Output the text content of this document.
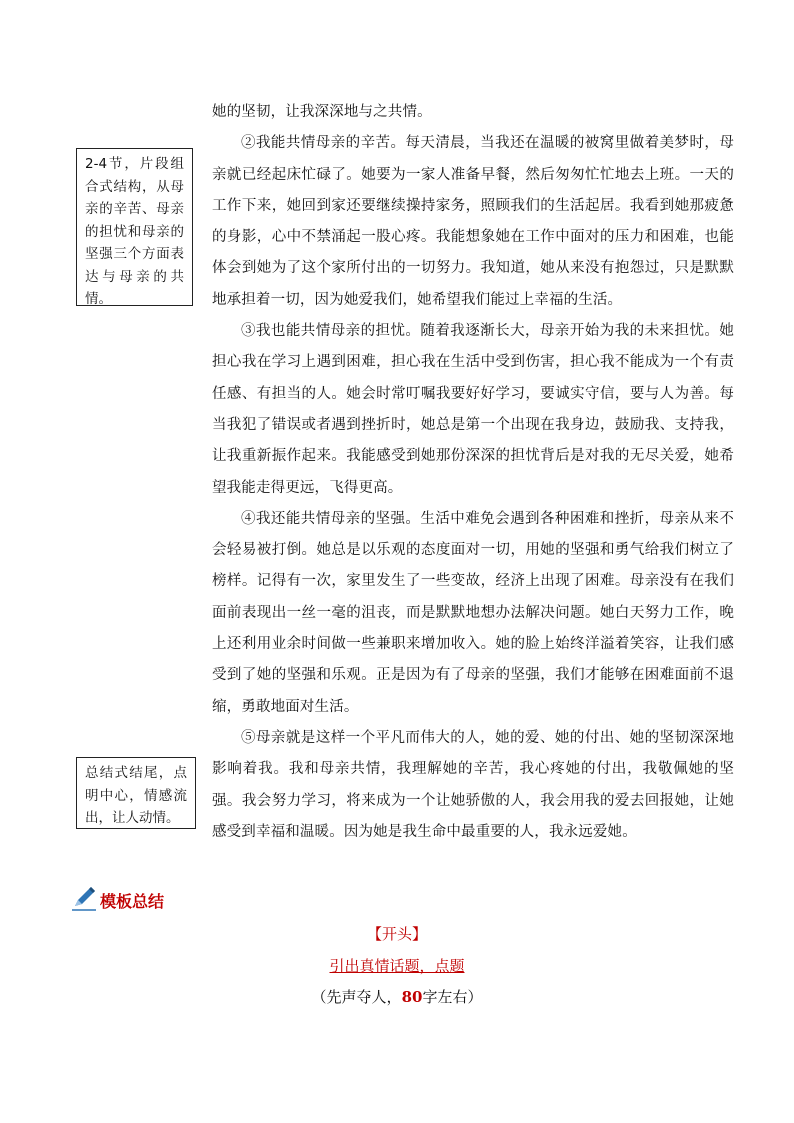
她的坚韧，让我深深地与之共情。

②我能共情母亲的辛苦。每天清晨，当我还在温暖的被窝里做着美梦时，母亲就已经起床忙碌了。她要为一家人准备早餐，然后匆匆忙忙地去上班。一天的工作下来，她回到家还要继续操持家务，照顾我们的生活起居。我看到她那疲惫的身影，心中不禁涌起一股心疼。我能想象她在工作中面对的压力和困难，也能体会到她为了这个家所付出的一切努力。我知道，她从来没有抱怨过，只是默默地承担着一切，因为她爱我们，她希望我们能过上幸福的生活。

③我也能共情母亲的担忧。随着我逐渐长大，母亲开始为我的未来担忧。她担心我在学习上遇到困难，担心我在生活中受到伤害，担心我不能成为一个有责任感、有担当的人。她会时常叮嘱我要好好学习，要诚实守信，要与人为善。每当我犯了错误或者遇到挫折时，她总是第一个出现在我身边，鼓励我、支持我，让我重新振作起来。我能感受到她那份深深的担忧背后是对我的无尽关爱，她希望我能走得更远，飞得更高。

④我还能共情母亲的坚强。生活中难免会遇到各种困难和挫折，母亲从来不会轻易被打倒。她总是以乐观的态度面对一切，用她的坚强和勇气给我们树立了榜样。记得有一次，家里发生了一些变故，经济上出现了困难。母亲没有在我们面前表现出一丝一毫的沮丧，而是默默地想办法解决问题。她白天努力工作，晚上还利用业余时间做一些兼职来增加收入。她的脸上始终洋溢着笑容，让我们感受到了她的坚强和乐观。正是因为有了母亲的坚强，我们才能够在困难面前不退缩，勇敢地面对生活。

⑤母亲就是这样一个平凡而伟大的人，她的爱、她的付出、她的坚韧深深地影响着我。我和母亲共情，我理解她的辛苦，我心疼她的付出，我敬佩她的坚强。我会努力学习，将来成为一个让她骄傲的人，我会用我的爱去回报她，让她感受到幸福和温暖。因为她是我生命中最重要的人，我永远爱她。

2-4节，片段组合式结构，从母亲的辛苦、母亲的担忧和母亲的坚强三个方面表达与母亲的共情。
总结式结尾，点明中心，情感流出，让人动情。
模板总结
【开头】
引出真情话题，点题
（先声夺人，80字左右）
